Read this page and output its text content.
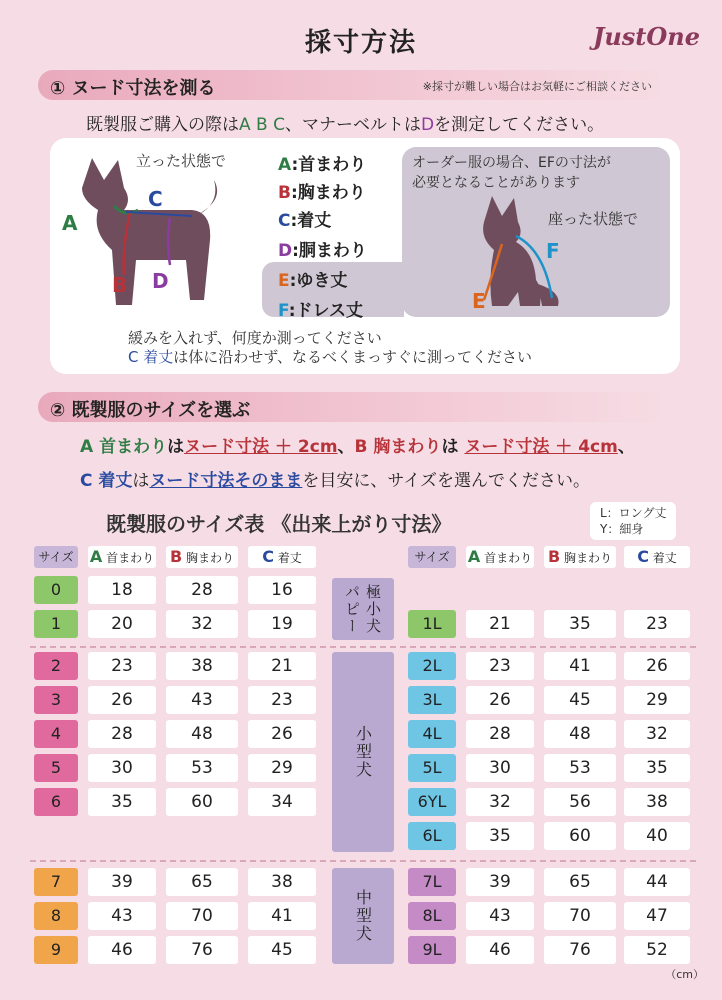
採寸方法	JustOne
① ヌード寸法を測る	※採寸が難しい場合はお気軽にご相談ください
既製服ご購入の際はA B C、マナーベルトはDを測定してください。
A
B
C
D
立った状態で	A:首まわり
B:胸まわり
C:着丈
D:胴まわり
E:ゆき丈
F:ドレス丈
オーダー服の場合、EFの寸法が
必要となることがあります
座った状態で
E
F
緩みを入れず、何度か測ってください
C 着丈は体に沿わせず、なるべくまっすぐに測ってください
② 既製服のサイズを選ぶ
A 首まわりはヌード寸法 ＋ 2cm、B 胸まわりは ヌード寸法 ＋ 4cm、
C 着丈はヌード寸法そのままを目安に、サイズを選んでください。
既製服のサイズ表 《出来上がり寸法》	L：ロング丈
Y：細身
サイズ A 首まわり B 胸まわり	C 着丈	サイズ	A 首まわり B 胸まわり	C 着丈
極小犬 パピー
小型犬
中型犬
0	18	28	16
1	20	32	19
2	23	38	21
3	26	43	23
4	28	48	26
5	30	53	29
6	35	60	34
7	39	65	38
8	43	70	41
9	46	76	45
1L	21	35	23
2L	23	41	26
3L	26	45	29
4L	28	48	32
5L	30	53	35
6YL	32	56	38
6L	35	60	40
7L	39	65	44
8L	43	70	47
9L	46	76	52
（cm）
